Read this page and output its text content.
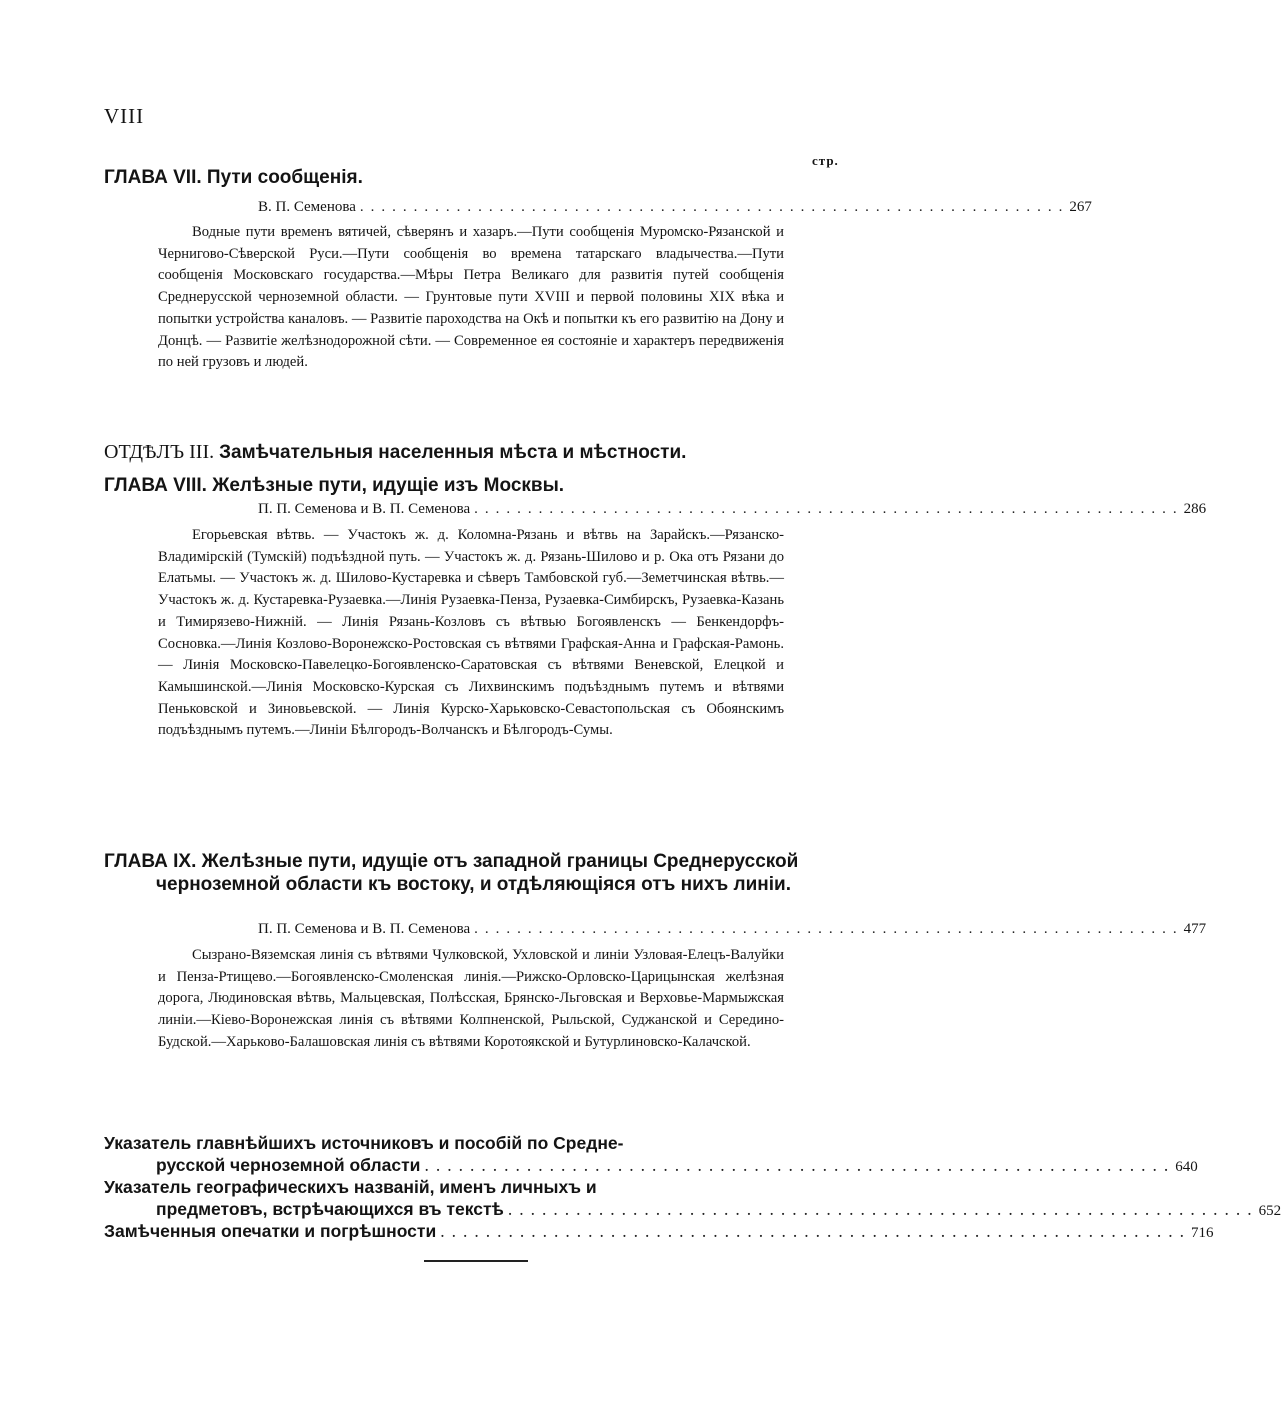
VIII
стр.
ГЛАВА VII. Пути сообщенія.
В. П. Семенова .................................................................. 267
Водные пути временъ вятичей, сѣверянъ и хазаръ.—Пути сообщенія Муромско-Рязанской и Чернигово-Сѣверской Руси.—Пути сообщенія во времена татарскаго владычества.—Пути сообщенія Московскаго государства.—Мѣры Петра Великаго для развитія путей сообщенія Среднерусской черноземной области. — Грунтовые пути XVIII и первой половины XIX вѣка и попытки устройства каналовъ. — Развитіе пароходства на Окѣ и попытки къ его развитію на Дону и Донцѣ. — Развитіе желѣзнодорожной сѣти. — Современное ея состояніе и характеръ передвиженія по ней грузовъ и людей.
ОТДѢЛЪ III. Замѣчательныя населенныя мѣста и мѣстности.
ГЛАВА VIII. Желѣзные пути, идущіе изъ Москвы.
П. П. Семенова и В. П. Семенова .................................................................. 286
Егорьевская вѣтвь. — Участокъ ж. д. Коломна-Рязань и вѣтвь на Зарайскъ.—Рязанско-Владимірскій (Тумскій) подъѣздной путь. — Участокъ ж. д. Рязань-Шилово и р. Ока отъ Рязани до Елатьмы. — Участокъ ж. д. Шилово-Кустаревка и сѣверъ Тамбовской губ.—Земетчинская вѣтвь.—Участокъ ж. д. Кустаревка-Рузаевка.—Линія Рузаевка-Пенза, Рузаевка-Симбирскъ, Рузаевка-Казань и Тимирязево-Нижній. — Линія Рязань-Козловъ съ вѣтвью Богоявленскъ — Бенкендорфъ-Сосновка.—Линія Козлово-Воронежско-Ростовская съ вѣтвями Графская-Анна и Графская-Рамонь. — Линія Московско-Павелецко-Богоявленско-Саратовская съ вѣтвями Веневской, Елецкой и Камышинской.—Линія Московско-Курская съ Лихвинскимъ подъѣзднымъ путемъ и вѣтвями Пеньковской и Зиновьевской. — Линія Курско-Харьковско-Севастопольская съ Обоянскимъ подъѣзднымъ путемъ.—Линіи Бѣлгородъ-Волчанскъ и Бѣлгородъ-Сумы.
ГЛАВА IX. Желѣзные пути, идущіе отъ западной границы Среднерусской черноземной области къ востоку, и отдѣляющіяся отъ нихъ линіи.
П. П. Семенова и В. П. Семенова .................................................................. 477
Сызрано-Вяземская линія съ вѣтвями Чулковской, Ухловской и линіи Узловая-Елецъ-Валуйки и Пенза-Ртищево.—Богоявленско-Смоленская линія.—Рижско-Орловско-Царицынская желѣзная дорога, Людиновская вѣтвь, Мальцевская, Полѣсская, Брянско-Льговская и Верховье-Мармыжская линіи.—Кіево-Воронежская линія съ вѣтвями Колпненской, Рыльской, Суджанской и Середино-Будской.—Харьково-Балашовская линія съ вѣтвями Коротоякской и Бутурлиновско-Калачской.
Указатель главнѣйшихъ источниковъ и пособій по Средне-
русской черноземной области .................................................................. 640
Указатель географическихъ названій, именъ личныхъ и
предметовъ, встрѣчающихся въ текстѣ .................................................................. 652
Замѣченныя опечатки и погрѣшности .................................................................. 716
